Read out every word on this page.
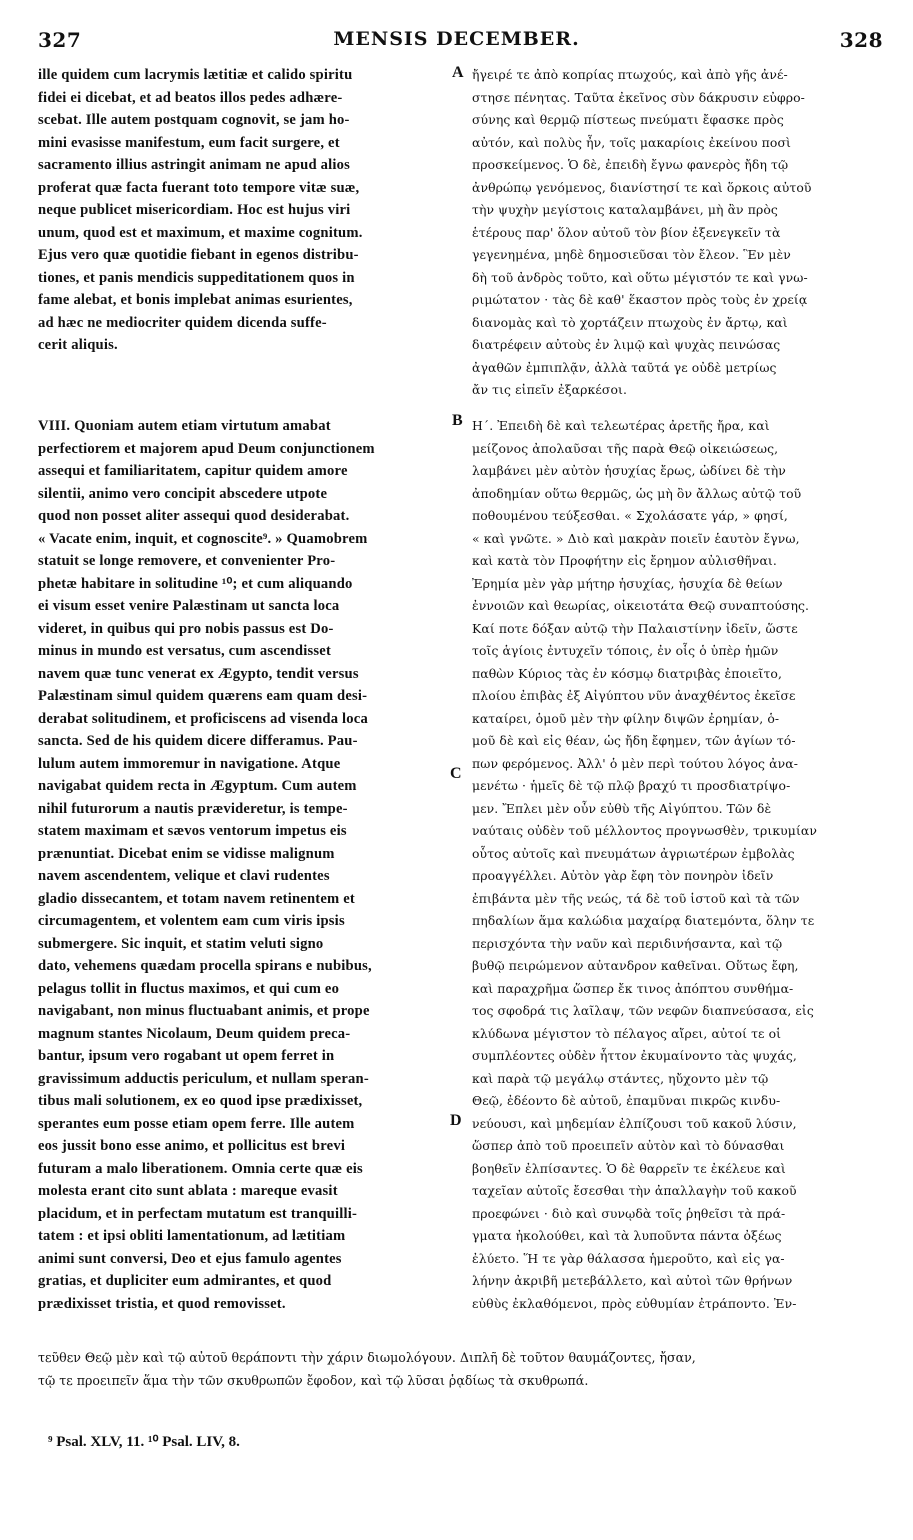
327	MENSIS DECEMBER.	328
ille quidem cum lacrymis lætitiæ et calido spiritu
fidei ei dicebat, et ad beatos illos pedes adhære-
scebat. Ille autem postquam cognovit, se jam ho-
mini evasisse manifestum, eum facit surgere, et
sacramento illius astringit animam ne apud alios
proferat quæ facta fuerant toto tempore vitæ suæ,
neque publicet misericordiam. Hoc est hujus viri
unum, quod est et maximum, et maxime cognitum.
Ejus vero quæ quotidie fiebant in egenos distribu-
tiones, et panis mendicis suppeditationem quos in
fame alebat, et bonis implebat animas esurientes,
ad hæc ne mediocriter quidem dicenda suffe-
cerit aliquis.
VIII. Quoniam autem etiam virtutum amabat
perfectiorem et majorem apud Deum conjunctionem
assequi et familiaritatem, capitur quidem amore
silentii, animo vero concipit abscedere utpote
quod non posset aliter assequi quod desiderabat.
« Vacate enim, inquit, et cognoscite⁹. » Quamobrem
statuit se longe removere, et convenienter Pro-
phetæ habitare in solitudine ¹⁰; et cum aliquando
ei visum esset venire Palæstinam ut sancta loca
videret, in quibus qui pro nobis passus est Do-
minus in mundo est versatus, cum ascendisset
navem quæ tunc venerat ex Ægypto, tendit versus
Palæstinam simul quidem quærens eam quam desi-
derabat solitudinem, et proficiscens ad visenda loca
sancta. Sed de his quidem dicere differamus. Pau-
lulum autem immoremur in navigatione. Atque
navigabat quidem recta in Ægyptum. Cum autem
nihil futurorum a nautis prævideretur, is tempe-
statem maximam et sævos ventorum impetus eis
prænuntiat. Dicebat enim se vidisse malignum
navem ascendentem, velique et clavi rudentes
gladio dissecantem, et totam navem retinentem et
circumagentem, et volentem eam cum viris ipsis
submergere. Sic inquit, et statim veluti signo
dato, vehemens quædam procella spirans e nubibus,
pelagus tollit in fluctus maximos, et qui cum eo
navigabant, non minus fluctuabant animis, et prope
magnum stantes Nicolaum, Deum quidem preca-
bantur, ipsum vero rogabant ut opem ferret in
gravissimum adductis periculum, et nullam speran-
tibus mali solutionem, ex eo quod ipse prædixisset,
sperantes eum posse etiam opem ferre. Ille autem
eos jussit bono esse animo, et pollicitus est brevi
futuram a malo liberationem. Omnia certe quæ eis
molesta erant cito sunt ablata : mareque evasit
placidum, et in perfectam mutatum est tranquilli-
tatem : et ipsi obliti lamentationum, ad lætitiam
animi sunt conversi, Deo et ejus famulo agentes
gratias, et dupliciter eum admirantes, et quod
prædixisset tristia, et quod removisset.
A
B
C
D
ἤγειρέ τε ἀπὸ κοπρίας πτωχούς, καὶ ἀπὸ γῆς ἀνέ-
στησε πένητας. Ταῦτα ἐκεῖνος σὺν δάκρυσιν εὐφρο-
σύνης καὶ θερμῷ πίστεως πνεύματι ἔφασκε πρὸς
αὐτόν, καὶ πολὺς ἦν, τοῖς μακαρίοις ἐκείνου ποσὶ
προσκείμενος. Ὁ δὲ, ἐπειδὴ ἔγνω φανερὸς ἤδη τῷ
ἀνθρώπῳ γενόμενος, διανίστησί τε καὶ ὅρκοις αὐτοῦ
τὴν ψυχὴν μεγίστοις καταλαμβάνει, μὴ ἂν πρὸς
ἑτέρους παρ' ὅλον αὐτοῦ τὸν βίον ἐξενεγκεῖν τὰ
γεγενημένα, μηδὲ δημοσιεῦσαι τὸν ἔλεον. Ἓν μὲν
δὴ τοῦ ἀνδρὸς τοῦτο, καὶ οὕτω μέγιστόν τε καὶ γνω-
ριμώτατον · τὰς δὲ καθ' ἕκαστον πρὸς τοὺς ἐν χρείᾳ
διανομὰς καὶ τὸ χορτάζειν πτωχοὺς ἐν ἄρτῳ, καὶ
διατρέφειν αὐτοὺς ἐν λιμῷ καὶ ψυχὰς πεινώσας
ἀγαθῶν ἐμπιπλᾷν, ἀλλὰ ταῦτά γε οὐδὲ μετρίως
ἄν τις εἰπεῖν ἐξαρκέσοι.
Η΄. Ἐπειδὴ δὲ καὶ τελεωτέρας ἀρετῆς ἤρα, καὶ
μείζονος ἀπολαῦσαι τῆς παρὰ Θεῷ οἰκειώσεως,
λαμβάνει μὲν αὐτὸν ἡσυχίας ἔρως, ὠδίνει δὲ τὴν
ἀποδημίαν οὕτω θερμῶς, ὡς μὴ ὂν ἄλλως αὐτῷ τοῦ
ποθουμένου τεύξεσθαι. « Σχολάσατε γάρ, » φησί,
« καὶ γνῶτε. » Διὸ καὶ μακρὰν ποιεῖν ἑαυτὸν ἔγνω,
καὶ κατὰ τὸν Προφήτην εἰς ἔρημον αὐλισθῆναι.
Ἐρημία μὲν γὰρ μήτηρ ἡσυχίας, ἡσυχία δὲ θείων
ἐννοιῶν καὶ θεωρίας, οἰκειοτάτα Θεῷ συναπτούσης.
Καί ποτε δόξαν αὐτῷ τὴν Παλαιστίνην ἰδεῖν, ὥστε
τοῖς ἁγίοις ἐντυχεῖν τόποις, ἐν οἷς ὁ ὑπὲρ ἡμῶν
παθὼν Κύριος τὰς ἐν κόσμῳ διατριβὰς ἐποιεῖτο,
πλοίου ἐπιβὰς ἐξ Αἰγύπτου νῦν ἀναχθέντος ἐκεῖσε
καταίρει, ὁμοῦ μὲν τὴν φίλην διψῶν ἐρημίαν, ὁ-
μοῦ δὲ καὶ εἰς θέαν, ὡς ἤδη ἔφημεν, τῶν ἁγίων τό-
πων φερόμενος. Ἀλλ' ὁ μὲν περὶ τούτου λόγος ἀνα-
μενέτω · ἡμεῖς δὲ τῷ πλῷ βραχύ τι προσδιατρίψο-
μεν. Ἔπλει μὲν οὖν εὐθὺ τῆς Αἰγύπτου. Τῶν δὲ
ναύταις οὐδὲν τοῦ μέλλοντος προγνωσθὲν, τρικυμίαν
οὗτος αὐτοῖς καὶ πνευμάτων ἀγριωτέρων ἐμβολὰς
προαγγέλλει. Αὐτὸν γὰρ ἔφη τὸν πονηρὸν ἰδεῖν
ἐπιβάντα μὲν τῆς νεώς, τά δὲ τοῦ ἱστοῦ καὶ τὰ τῶν
πηδαλίων ἅμα καλώδια μαχαίρᾳ διατεμόντα, ὅλην τε
περισχόντα τὴν ναῦν καὶ περιδινήσαντα, καὶ τῷ
βυθῷ πειρώμενον αὐτανδρον καθεῖναι. Οὕτως ἔφη,
καὶ παραχρῆμα ὥσπερ ἔκ τινος ἀπόπτου συνθήμα-
τος σφοδρά τις λαῖλαψ, τῶν νεφῶν διαπνεύσασα, εἰς
κλύδωνα μέγιστον τὸ πέλαγος αἴρει, αὐτοί τε οἱ
συμπλέοντες οὐδὲν ἧττον ἐκυμαίνοντο τὰς ψυχάς,
καὶ παρὰ τῷ μεγάλῳ στάντες, ηὔχοντο μὲν τῷ
Θεῷ, ἐδέοντο δὲ αὐτοῦ, ἐπαμῦναι πικρῶς κινδυ-
νεύουσι, καὶ μηδεμίαν ἐλπίζουσι τοῦ κακοῦ λύσιν,
ὥσπερ ἀπὸ τοῦ προειπεῖν αὐτὸν καὶ τὸ δύνασθαι
βοηθεῖν ἐλπίσαντες. Ὁ δὲ θαρρεῖν τε ἐκέλευε καὶ
ταχεῖαν αὐτοῖς ἔσεσθαι τὴν ἀπαλλαγὴν τοῦ κακοῦ
προεφώνει · διὸ καὶ συνῳδὰ τοῖς ῥηθεῖσι τὰ πρά-
γματα ἠκολούθει, καὶ τὰ λυποῦντα πάντα ὀξέως
ἐλύετο. Ἥ τε γὰρ θάλασσα ἡμεροῦτο, καὶ εἰς γα-
λήνην ἀκριβῆ μετεβάλλετο, καὶ αὐτοὶ τῶν θρήνων
εὐθὺς ἐκλαθόμενοι, πρὸς εὐθυμίαν ἐτράποντο. Ἐν-
τεῦθεν Θεῷ μὲν καὶ τῷ αὐτοῦ θεράποντι τὴν χάριν διωμολόγουν. Διπλῆ δὲ τοῦτον θαυμάζοντες, ἤσαν,
τῷ τε προειπεῖν ἅμα τὴν τῶν σκυθρωπῶν ἔφοδον, καὶ τῷ λῦσαι ῥᾳδίως τὰ σκυθρωπά.
⁹ Psal. XLV, 11. ¹⁰ Psal. LIV, 8.
